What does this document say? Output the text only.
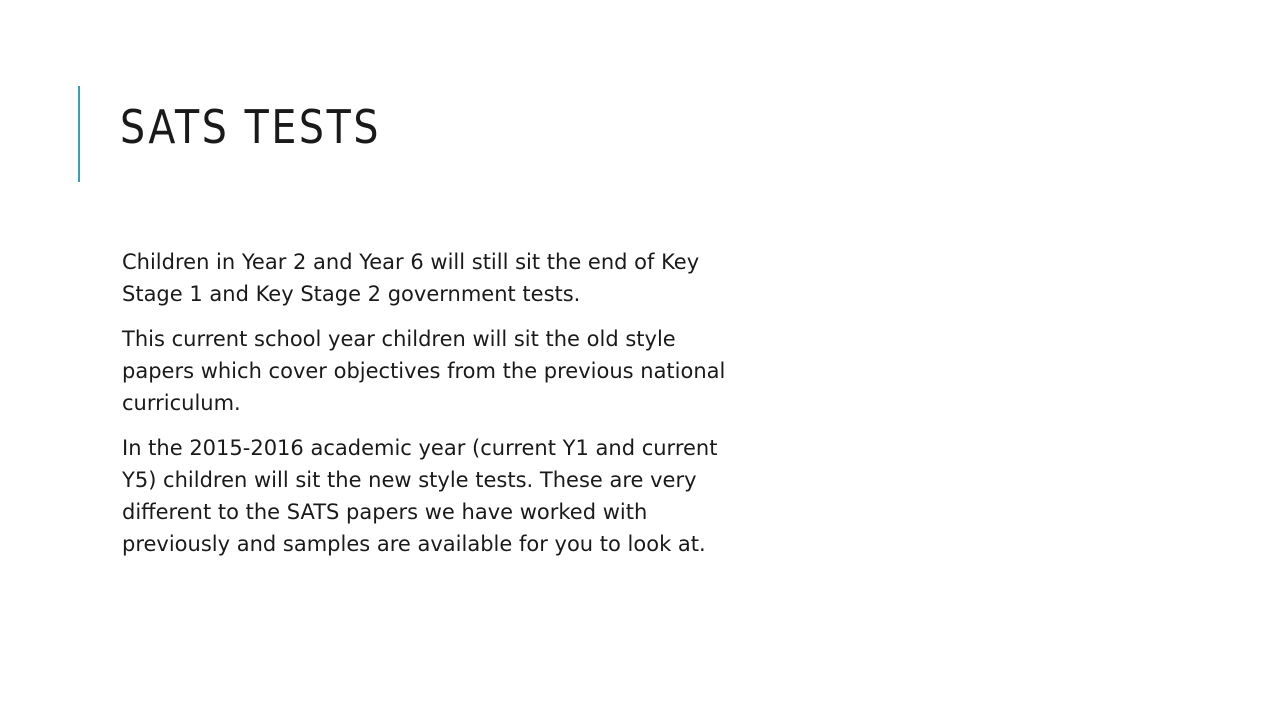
SATS TESTS

Children in Year 2 and Year 6 will still sit the end of Key Stage 1 and Key Stage 2 government tests.

This current school year children will sit the old style papers which cover objectives from the previous national curriculum.

In the 2015-2016 academic year (current Y1 and current Y5) children will sit the new style tests. These are very different to the SATS papers we have worked with previously and samples are available for you to look at.
